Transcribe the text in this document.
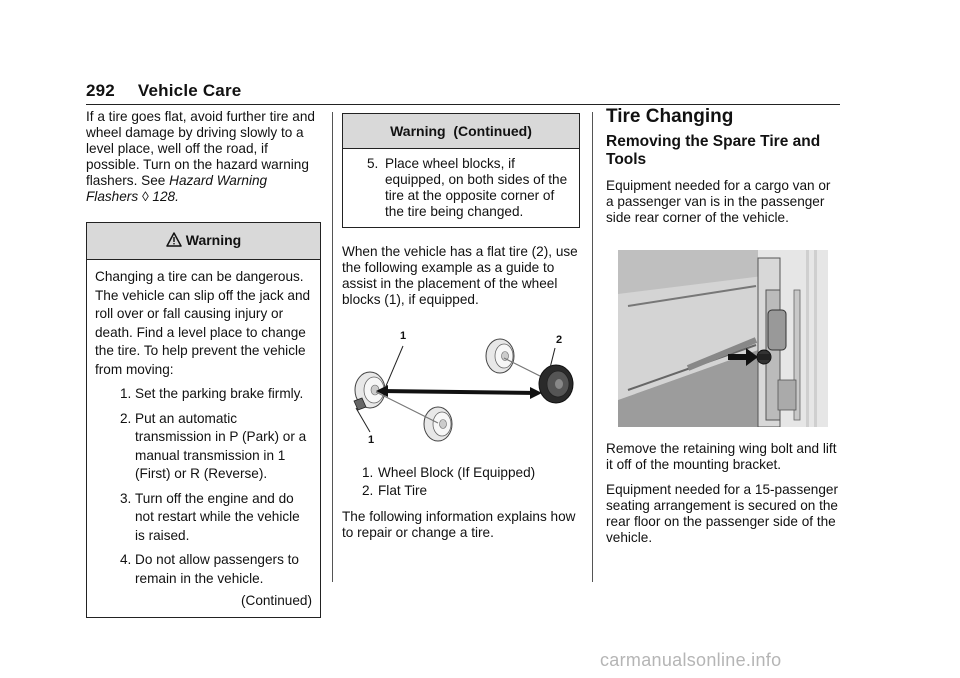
292 Vehicle Care

If a tire goes flat, avoid further tire and wheel damage by driving slowly to a level place, well off the road, if possible. Turn on the hazard warning flashers. See Hazard Warning Flashers ◊ 128.

Warning
Changing a tire can be dangerous. The vehicle can slip off the jack and roll over or fall causing injury or death. Find a level place to change the tire. To help prevent the vehicle from moving:
1. Set the parking brake firmly.
2. Put an automatic transmission in P (Park) or a manual transmission in 1 (First) or R (Reverse).
3. Turn off the engine and do not restart while the vehicle is raised.
4. Do not allow passengers to remain in the vehicle.
(Continued)
Warning  (Continued)
5. Place wheel blocks, if equipped, on both sides of the tire at the opposite corner of the tire being changed.

When the vehicle has a flat tire (2), use the following example as a guide to assist in the placement of the wheel blocks (1), if equipped.

1	2
1
1. Wheel Block (If Equipped)
2. Flat Tire

The following information explains how to repair or change a tire.

Tire Changing
Removing the Spare Tire and Tools

Equipment needed for a cargo van or a passenger van is in the passenger side rear corner of the vehicle.

Remove the retaining wing bolt and lift it off of the mounting bracket.

Equipment needed for a 15-passenger seating arrangement is secured on the rear floor on the passenger side of the vehicle.

carmanualsonline.info
